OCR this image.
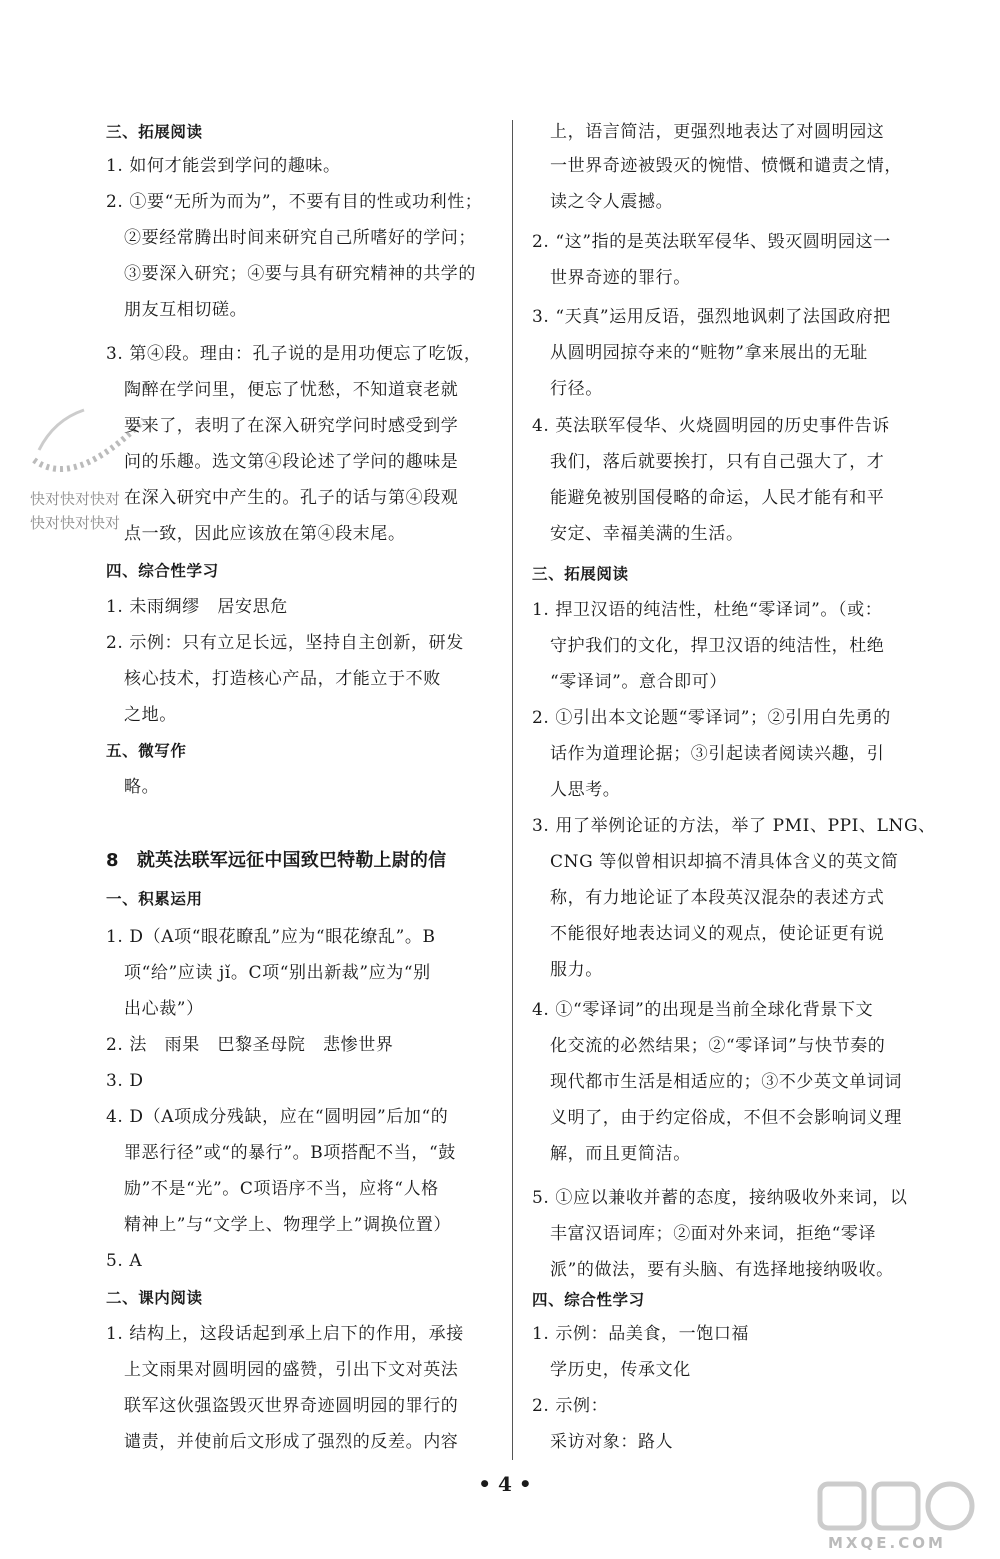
快对快对快对
快对快对快对
三、拓展阅读
1. 如何才能尝到学问的趣味。
2. ①要“无所为而为”，不要有目的性或功利性；
②要经常腾出时间来研究自己所嗜好的学问；
③要深入研究；④要与具有研究精神的共学的
朋友互相切磋。
3. 第④段。理由：孔子说的是用功便忘了吃饭，
陶醉在学问里，便忘了忧愁，不知道衰老就
要来了，表明了在深入研究学问时感受到学
问的乐趣。选文第④段论述了学问的趣味是
在深入研究中产生的。孔子的话与第④段观
点一致，因此应该放在第④段末尾。
四、综合性学习
1. 未雨绸缪　居安思危
2. 示例：只有立足长远，坚持自主创新，研发
核心技术，打造核心产品，才能立于不败
之地。
五、微写作
略。
8　就英法联军远征中国致巴特勒上尉的信
一、积累运用
1. D（A项“眼花瞭乱”应为“眼花缭乱”。B
项“给”应读 jǐ。C项“别出新裁”应为“别
出心裁”）
2. 法　雨果　巴黎圣母院　悲惨世界
3. D
4. D（A项成分残缺，应在“圆明园”后加“的
罪恶行径”或“的暴行”。B项搭配不当，“鼓
励”不是“光”。C项语序不当，应将“人格
精神上”与“文学上、物理学上”调换位置）
5. A
二、课内阅读
1. 结构上，这段话起到承上启下的作用，承接
上文雨果对圆明园的盛赞，引出下文对英法
联军这伙强盗毁灭世界奇迹圆明园的罪行的
谴责，并使前后文形成了强烈的反差。内容
上，语言简洁，更强烈地表达了对圆明园这
一世界奇迹被毁灭的惋惜、愤慨和谴责之情，
读之令人震撼。
2. “这”指的是英法联军侵华、毁灭圆明园这一
世界奇迹的罪行。
3. “天真”运用反语，强烈地讽刺了法国政府把
从圆明园掠夺来的“赃物”拿来展出的无耻
行径。
4. 英法联军侵华、火烧圆明园的历史事件告诉
我们，落后就要挨打，只有自己强大了，才
能避免被别国侵略的命运，人民才能有和平
安定、幸福美满的生活。
三、拓展阅读
1. 捍卫汉语的纯洁性，杜绝“零译词”。（或：
守护我们的文化，捍卫汉语的纯洁性，杜绝
“零译词”。意合即可）
2. ①引出本文论题“零译词”；②引用白先勇的
话作为道理论据；③引起读者阅读兴趣，引
人思考。
3. 用了举例论证的方法，举了 PMI、PPI、LNG、
CNG 等似曾相识却搞不清具体含义的英文简
称，有力地论证了本段英汉混杂的表述方式
不能很好地表达词义的观点，使论证更有说
服力。
4. ①“零译词”的出现是当前全球化背景下文
化交流的必然结果；②“零译词”与快节奏的
现代都市生活是相适应的；③不少英文单词词
义明了，由于约定俗成，不但不会影响词义理
解，而且更简洁。
5. ①应以兼收并蓄的态度，接纳吸收外来词，以
丰富汉语词库；②面对外来词，拒绝“零译
派”的做法，要有头脑、有选择地接纳吸收。
四、综合性学习
1. 示例：品美食，一饱口福
学历史，传承文化
2. 示例：
采访对象：路人
• 4 •
MXQE.COM
